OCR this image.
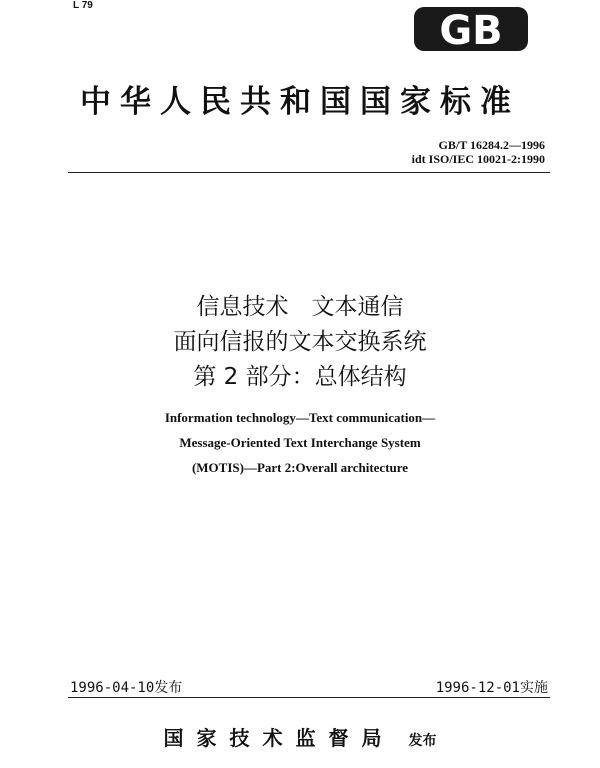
L 79
GB
中华人民共和国国家标准
GB/T 16284.2—1996
idt ISO/IEC 10021-2:1990
信息技术　文本通信
面向信报的文本交换系统
第 2 部分：总体结构
Information technology—Text communication—
Message-Oriented Text Interchange System
(MOTIS)—Part 2:Overall architecture
1996-04-10发布	1996-12-01实施
国家技术监督局 发布
